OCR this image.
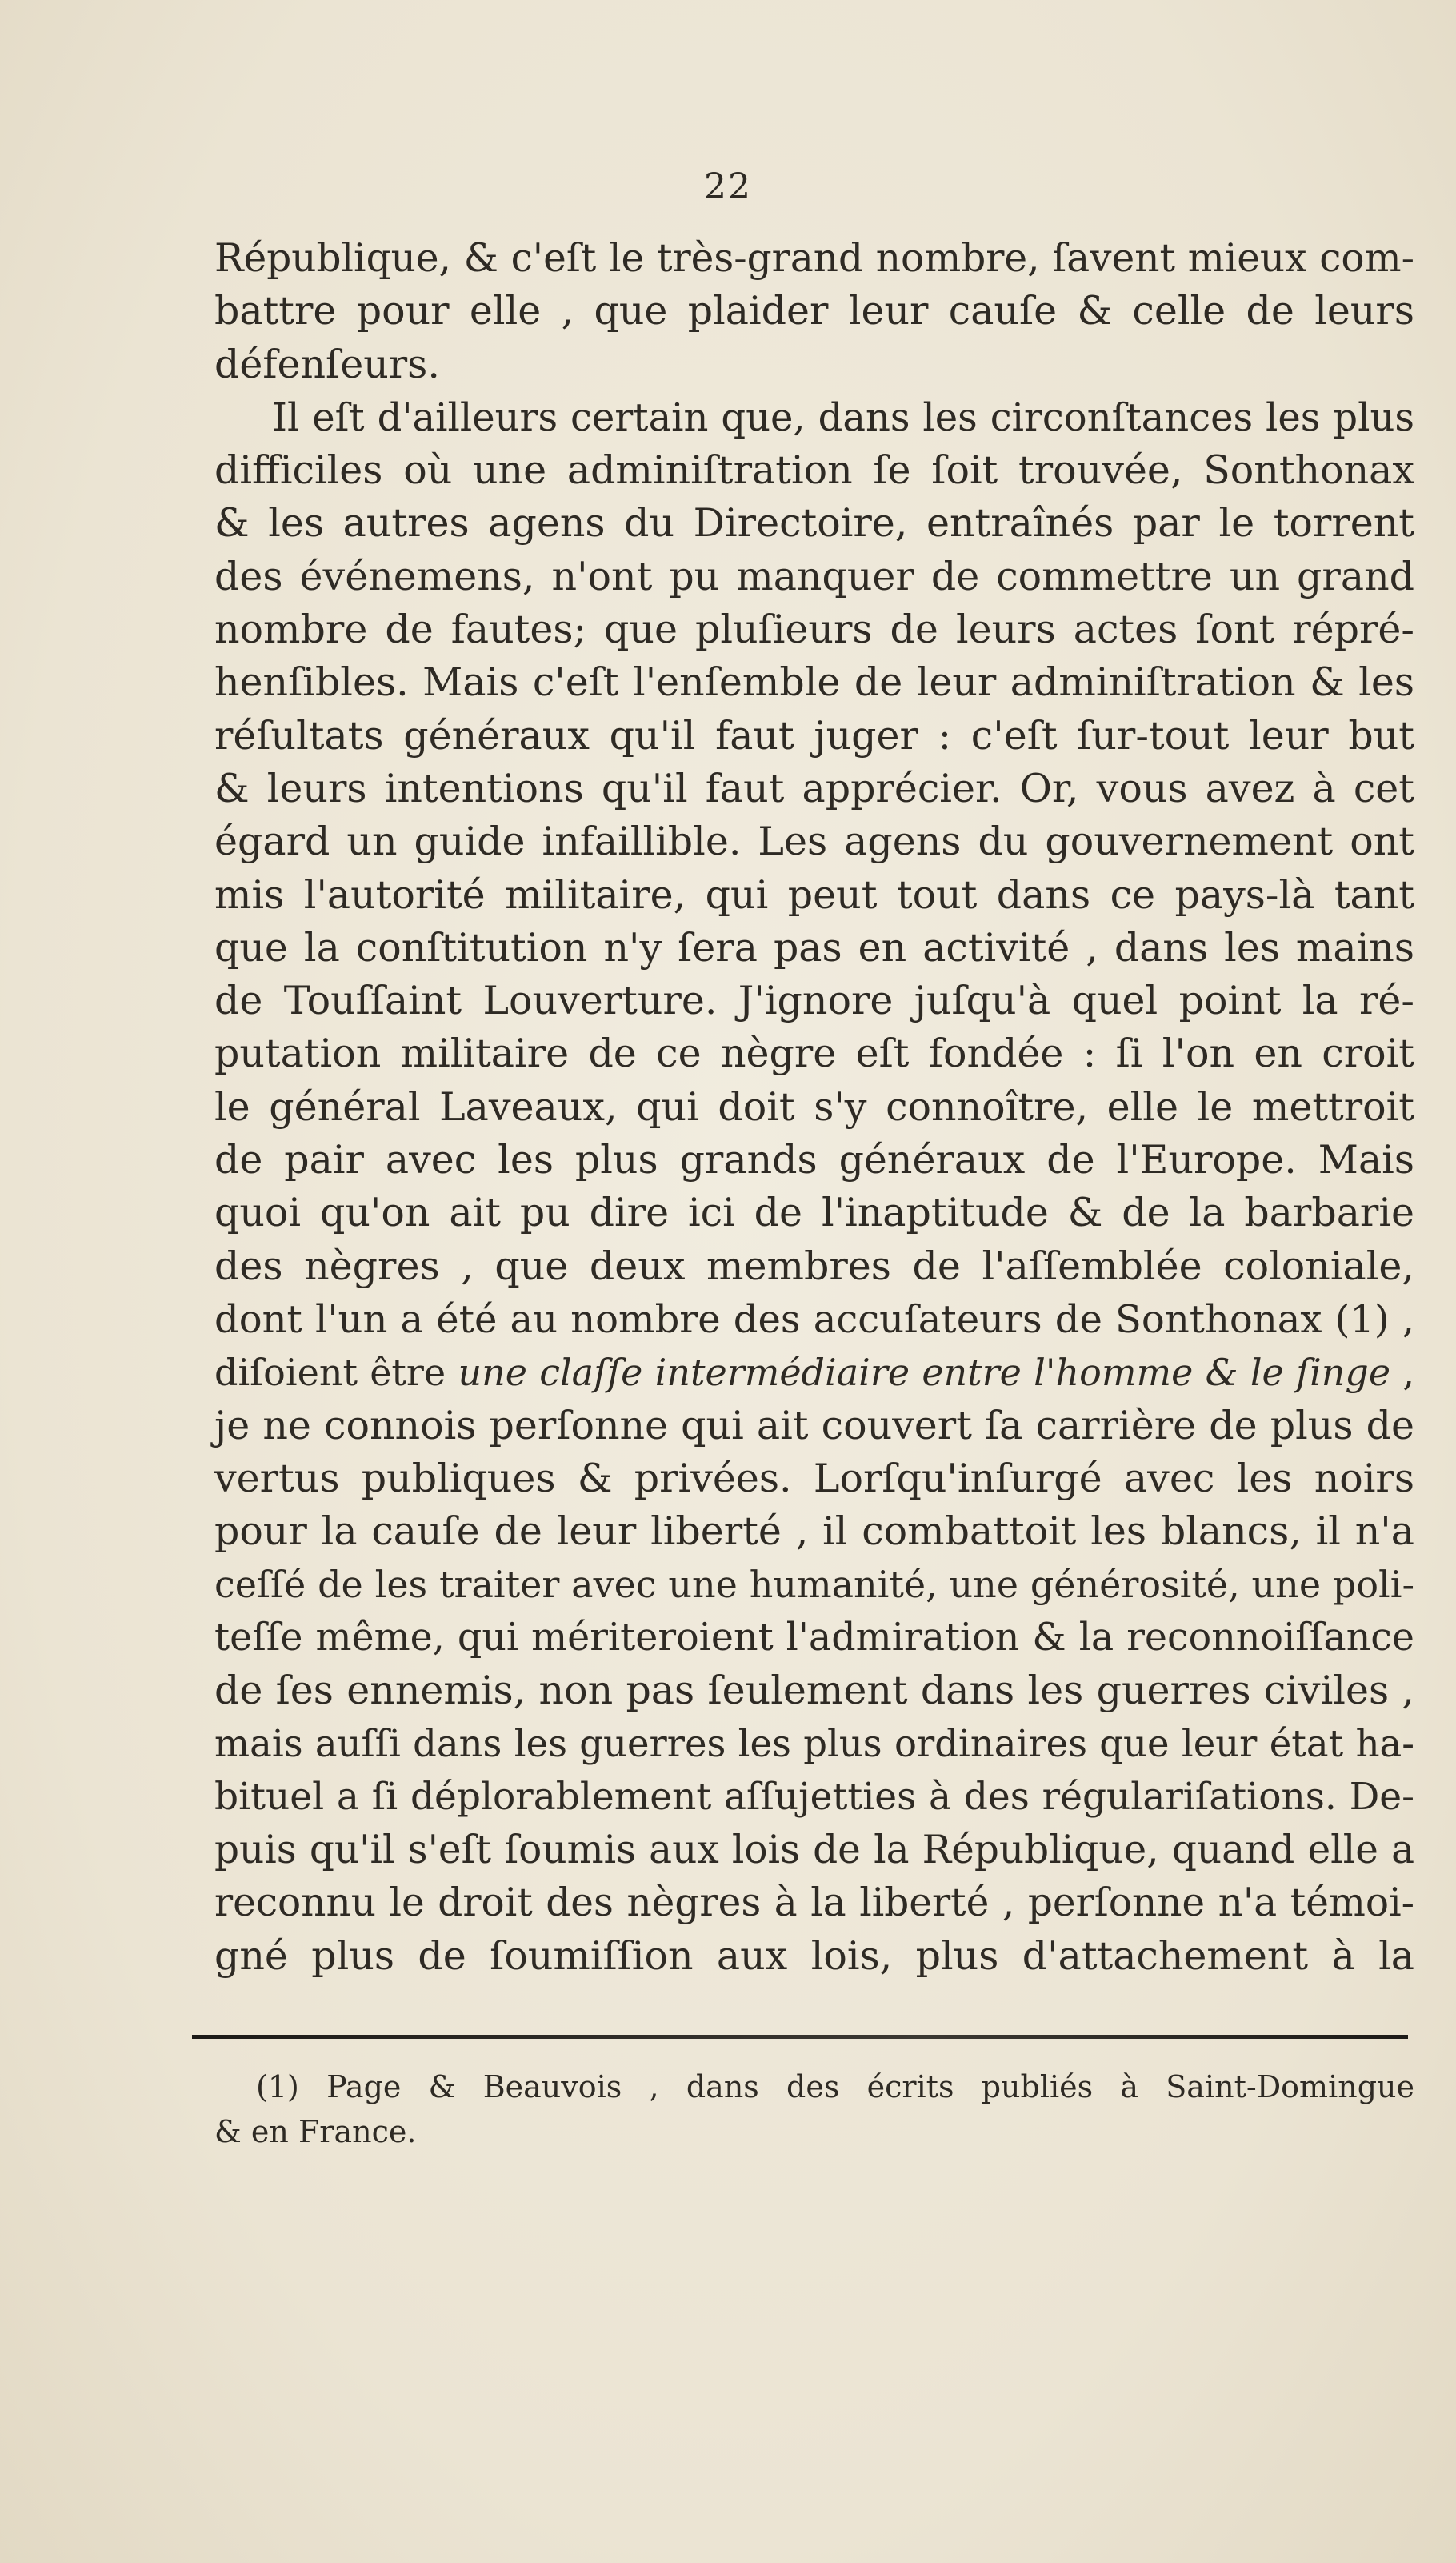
22
République, & c'eſt le très-grand nombre, ſavent mieux com-
battre pour elle , que plaider leur cauſe & celle de leurs
défenſeurs.
Il eſt d'ailleurs certain que, dans les circonſtances les plus
difficiles où une adminiſtration ſe ſoit trouvée, Sonthonax
& les autres agens du Directoire, entraînés par le torrent
des événemens, n'ont pu manquer de commettre un grand
nombre de fautes; que pluſieurs de leurs actes ſont répré-
henſibles. Mais c'eſt l'enſemble de leur adminiſtration & les
réſultats généraux qu'il faut juger : c'eſt ſur-tout leur but
& leurs intentions qu'il faut apprécier. Or, vous avez à cet
égard un guide infaillible. Les agens du gouvernement ont
mis l'autorité militaire, qui peut tout dans ce pays-là tant
que la conſtitution n'y ſera pas en activité , dans les mains
de Touſſaint Louverture. J'ignore juſqu'à quel point la ré-
putation militaire de ce nègre eſt fondée : ſi l'on en croit
le général Laveaux, qui doit s'y connoître, elle le mettroit
de pair avec les plus grands généraux de l'Europe. Mais
quoi qu'on ait pu dire ici de l'inaptitude & de la barbarie
des nègres , que deux membres de l'aſſemblée coloniale,
dont l'un a été au nombre des accuſateurs de Sonthonax (1) ,
diſoient être une claſſe intermédiaire entre l'homme & le ſinge ,
je ne connois perſonne qui ait couvert ſa carrière de plus de
vertus publiques & privées. Lorſqu'inſurgé avec les noirs
pour la cauſe de leur liberté , il combattoit les blancs, il n'a
ceſſé de les traiter avec une humanité, une générosité, une poli-
teſſe même, qui mériteroient l'admiration & la reconnoiſſance
de ſes ennemis, non pas ſeulement dans les guerres civiles ,
mais auſſi dans les guerres les plus ordinaires que leur état ha-
bituel a ſi déplorablement aſſujetties à des régulariſations. De-
puis qu'il s'eſt ſoumis aux lois de la République, quand elle a
reconnu le droit des nègres à la liberté , perſonne n'a témoi-
gné plus de ſoumiſſion aux lois, plus d'attachement à la
(1) Page & Beauvois , dans des écrits publiés à Saint-Domingue
& en France.
